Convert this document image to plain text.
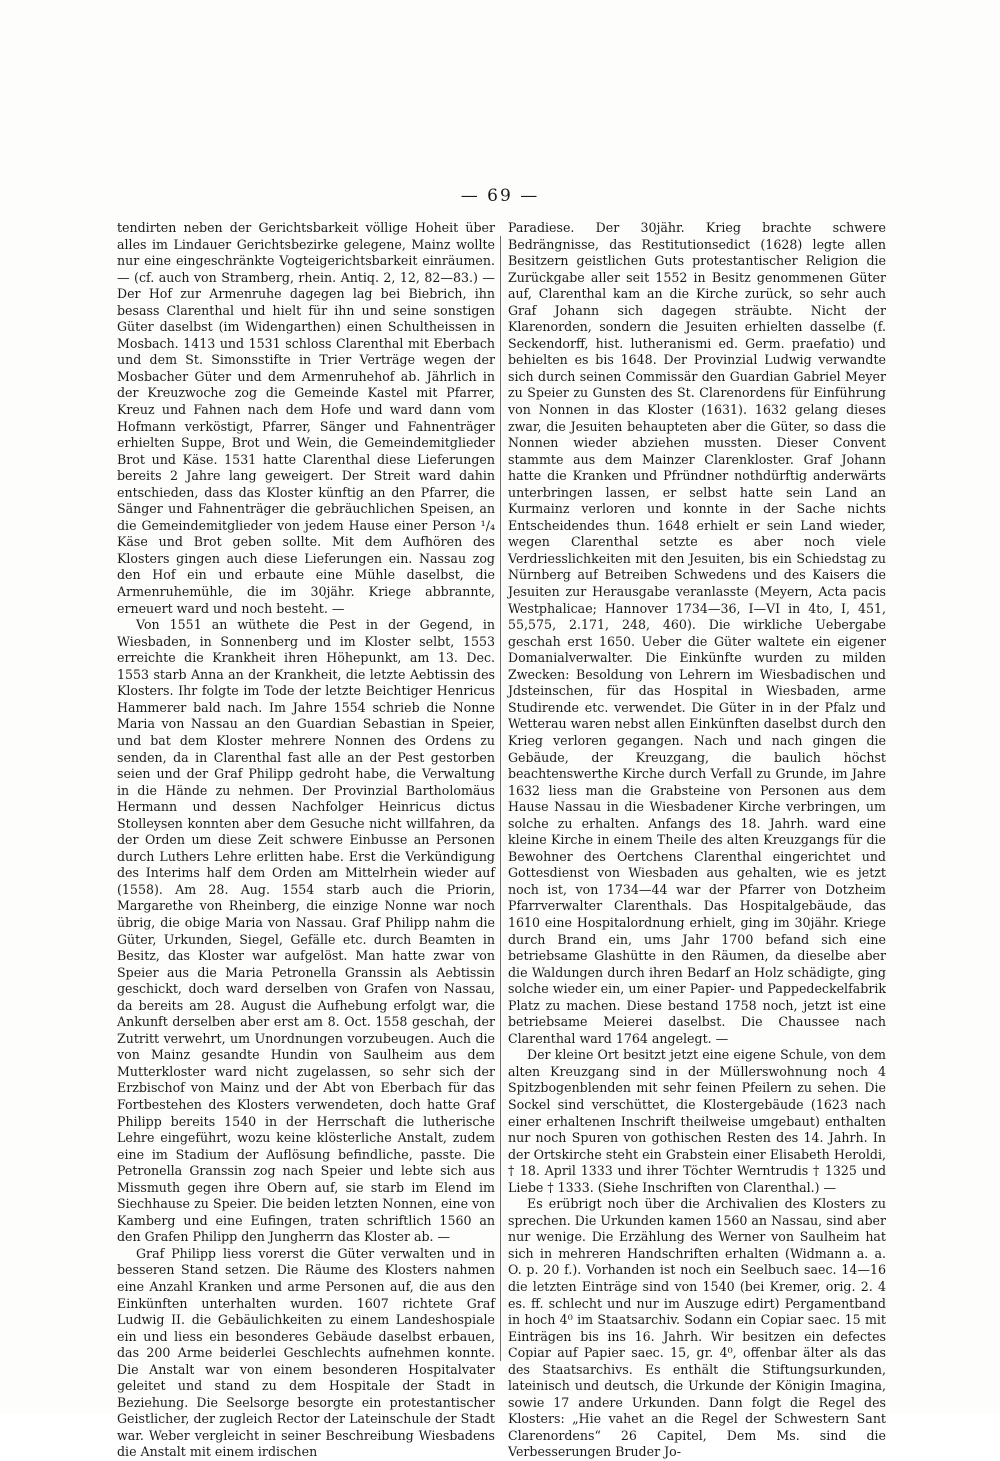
— 69 —

tendirten neben der Gerichtsbarkeit völlige Hoheit über alles im Lindauer Gerichtsbezirke gelegene, Mainz wollte nur eine eingeschränkte Vogteigerichtsbarkeit einräumen. — (cf. auch von Stramberg, rhein. Antiq. 2, 12, 82—83.) — Der Hof zur Armenruhe dagegen lag bei Biebrich, ihn besass Clarenthal und hielt für ihn und seine sonstigen Güter daselbst (im Widengarthen) einen Schultheissen in Mosbach. 1413 und 1531 schloss Clarenthal mit Eberbach und dem St. Simonsstifte in Trier Verträge wegen der Mosbacher Güter und dem Armenruhehof ab. Jährlich in der Kreuzwoche zog die Gemeinde Kastel mit Pfarrer, Kreuz und Fahnen nach dem Hofe und ward dann vom Hofmann verköstigt, Pfarrer, Sänger und Fahnenträger erhielten Suppe, Brot und Wein, die Gemeindemitglieder Brot und Käse. 1531 hatte Clarenthal diese Lieferungen bereits 2 Jahre lang geweigert. Der Streit ward dahin entschieden, dass das Kloster künftig an den Pfarrer, die Sänger und Fahnenträger die gebräuchlichen Speisen, an die Gemeindemitglieder von jedem Hause einer Person ¹/₄ Käse und Brot geben sollte. Mit dem Aufhören des Klosters gingen auch diese Lieferungen ein. Nassau zog den Hof ein und erbaute eine Mühle daselbst, die Armenruhemühle, die im 30jähr. Kriege abbrannte, erneuert ward und noch besteht. —

Von 1551 an wüthete die Pest in der Gegend, in Wiesbaden, in Sonnenberg und im Kloster selbt, 1553 erreichte die Krankheit ihren Höhepunkt, am 13. Dec. 1553 starb Anna an der Krankheit, die letzte Aebtissin des Klosters. Ihr folgte im Tode der letzte Beichtiger Henricus Hammerer bald nach. Im Jahre 1554 schrieb die Nonne Maria von Nassau an den Guardian Sebastian in Speier, und bat dem Kloster mehrere Nonnen des Ordens zu senden, da in Clarenthal fast alle an der Pest gestorben seien und der Graf Philipp gedroht habe, die Verwaltung in die Hände zu nehmen. Der Provinzial Bartholomäus Hermann und dessen Nachfolger Heinricus dictus Stolleysen konnten aber dem Gesuche nicht willfahren, da der Orden um diese Zeit schwere Einbusse an Personen durch Luthers Lehre erlitten habe. Erst die Verkündigung des Interims half dem Orden am Mittelrhein wieder auf (1558). Am 28. Aug. 1554 starb auch die Priorin, Margarethe von Rheinberg, die einzige Nonne war noch übrig, die obige Maria von Nassau. Graf Philipp nahm die Güter, Urkunden, Siegel, Gefälle etc. durch Beamten in Besitz, das Kloster war aufgelöst. Man hatte zwar von Speier aus die Maria Petronella Granssin als Aebtissin geschickt, doch ward derselben von Grafen von Nassau, da bereits am 28. August die Aufhebung erfolgt war, die Ankunft derselben aber erst am 8. Oct. 1558 geschah, der Zutritt verwehrt, um Unordnungen vorzubeugen. Auch die von Mainz gesandte Hundin von Saulheim aus dem Mutterkloster ward nicht zugelassen, so sehr sich der Erzbischof von Mainz und der Abt von Eberbach für das Fortbestehen des Klosters verwendeten, doch hatte Graf Philipp bereits 1540 in der Herrschaft die lutherische Lehre eingeführt, wozu keine klösterliche Anstalt, zudem eine im Stadium der Auflösung befindliche, passte. Die Petronella Granssin zog nach Speier und lebte sich aus Missmuth gegen ihre Obern auf, sie starb im Elend im Siechhause zu Speier. Die beiden letzten Nonnen, eine von Kamberg und eine Eufingen, traten schriftlich 1560 an den Grafen Philipp den Jungherrn das Kloster ab. —

Graf Philipp liess vorerst die Güter verwalten und in besseren Stand setzen. Die Räume des Klosters nahmen eine Anzahl Kranken und arme Personen auf, die aus den Einkünften unterhalten wurden. 1607 richtete Graf Ludwig II. die Gebäulichkeiten zu einem Landeshospiale ein und liess ein besonderes Gebäude daselbst erbauen, das 200 Arme beiderlei Geschlechts aufnehmen konnte. Die Anstalt war von einem besonderen Hospitalvater geleitet und stand zu dem Hospitale der Stadt in Beziehung. Die Seelsorge besorgte ein protestantischer Geistlicher, der zugleich Rector der Lateinschule der Stadt war. Weber vergleicht in seiner Beschreibung Wiesbadens die Anstalt mit einem irdischen

Paradiese. Der 30jähr. Krieg brachte schwere Bedrängnisse, das Restitutionsedict (1628) legte allen Besitzern geistlichen Guts protestantischer Religion die Zurückgabe aller seit 1552 in Besitz genommenen Güter auf, Clarenthal kam an die Kirche zurück, so sehr auch Graf Johann sich dagegen sträubte. Nicht der Klarenorden, sondern die Jesuiten erhielten dasselbe (f. Seckendorff, hist. lutheranismi ed. Germ. praefatio) und behielten es bis 1648. Der Provinzial Ludwig verwandte sich durch seinen Commissär den Guardian Gabriel Meyer zu Speier zu Gunsten des St. Clarenordens für Einführung von Nonnen in das Kloster (1631). 1632 gelang dieses zwar, die Jesuiten behaupteten aber die Güter, so dass die Nonnen wieder abziehen mussten. Dieser Convent stammte aus dem Mainzer Clarenkloster. Graf Johann hatte die Kranken und Pfründner nothdürftig anderwärts unterbringen lassen, er selbst hatte sein Land an Kurmainz verloren und konnte in der Sache nichts Entscheidendes thun. 1648 erhielt er sein Land wieder, wegen Clarenthal setzte es aber noch viele Verdriesslichkeiten mit den Jesuiten, bis ein Schiedstag zu Nürnberg auf Betreiben Schwedens und des Kaisers die Jesuiten zur Herausgabe veranlasste (Meyern, Acta pacis Westphalicae; Hannover 1734—36, I—VI in 4to, I, 451, 55,575, 2.171, 248, 460). Die wirkliche Uebergabe geschah erst 1650. Ueber die Güter waltete ein eigener Domanialverwalter. Die Einkünfte wurden zu milden Zwecken: Besoldung von Lehrern im Wiesbadischen und Jdsteinschen, für das Hospital in Wiesbaden, arme Studirende etc. verwendet. Die Güter in in der Pfalz und Wetterau waren nebst allen Einkünften daselbst durch den Krieg verloren gegangen. Nach und nach gingen die Gebäude, der Kreuzgang, die baulich höchst beachtenswerthe Kirche durch Verfall zu Grunde, im Jahre 1632 liess man die Grabsteine von Personen aus dem Hause Nassau in die Wiesbadener Kirche verbringen, um solche zu erhalten. Anfangs des 18. Jahrh. ward eine kleine Kirche in einem Theile des alten Kreuzgangs für die Bewohner des Oertchens Clarenthal eingerichtet und Gottesdienst von Wiesbaden aus gehalten, wie es jetzt noch ist, von 1734—44 war der Pfarrer von Dotzheim Pfarrverwalter Clarenthals. Das Hospitalgebäude, das 1610 eine Hospitalordnung erhielt, ging im 30jähr. Kriege durch Brand ein, ums Jahr 1700 befand sich eine betriebsame Glashütte in den Räumen, da dieselbe aber die Waldungen durch ihren Bedarf an Holz schädigte, ging solche wieder ein, um einer Papier- und Pappedeckelfabrik Platz zu machen. Diese bestand 1758 noch, jetzt ist eine betriebsame Meierei daselbst. Die Chaussee nach Clarenthal ward 1764 angelegt. —

Der kleine Ort besitzt jetzt eine eigene Schule, von dem alten Kreuzgang sind in der Müllerswohnung noch 4 Spitzbogenblenden mit sehr feinen Pfeilern zu sehen. Die Sockel sind verschüttet, die Klostergebäude (1623 nach einer erhaltenen Inschrift theilweise umgebaut) enthalten nur noch Spuren von gothischen Resten des 14. Jahrh. In der Ortskirche steht ein Grabstein einer Elisabeth Heroldi, † 18. April 1333 und ihrer Töchter Werntrudis † 1325 und Liebe † 1333. (Siehe Inschriften von Clarenthal.) —

Es erübrigt noch über die Archivalien des Klosters zu sprechen. Die Urkunden kamen 1560 an Nassau, sind aber nur wenige. Die Erzählung des Werner von Saulheim hat sich in mehreren Handschriften erhalten (Widmann a. a. O. p. 20 f.). Vorhanden ist noch ein Seelbuch saec. 14—16 die letzten Einträge sind von 1540 (bei Kremer, orig. 2. 4 es. ff. schlecht und nur im Auszuge edirt) Pergamentband in hoch 4⁰ im Staatsarchiv. Sodann ein Copiar saec. 15 mit Einträgen bis ins 16. Jahrh. Wir besitzen ein defectes Copiar auf Papier saec. 15, gr. 4⁰, offenbar älter als das des Staatsarchivs. Es enthält die Stiftungsurkunden, lateinisch und deutsch, die Urkunde der Königin Imagina, sowie 17 andere Urkunden. Dann folgt die Regel des Klosters: „Hie vahet an die Regel der Schwestern Sant Clarenordens“ 26 Capitel, Dem Ms. sind die Verbesserungen Bruder Jo-
